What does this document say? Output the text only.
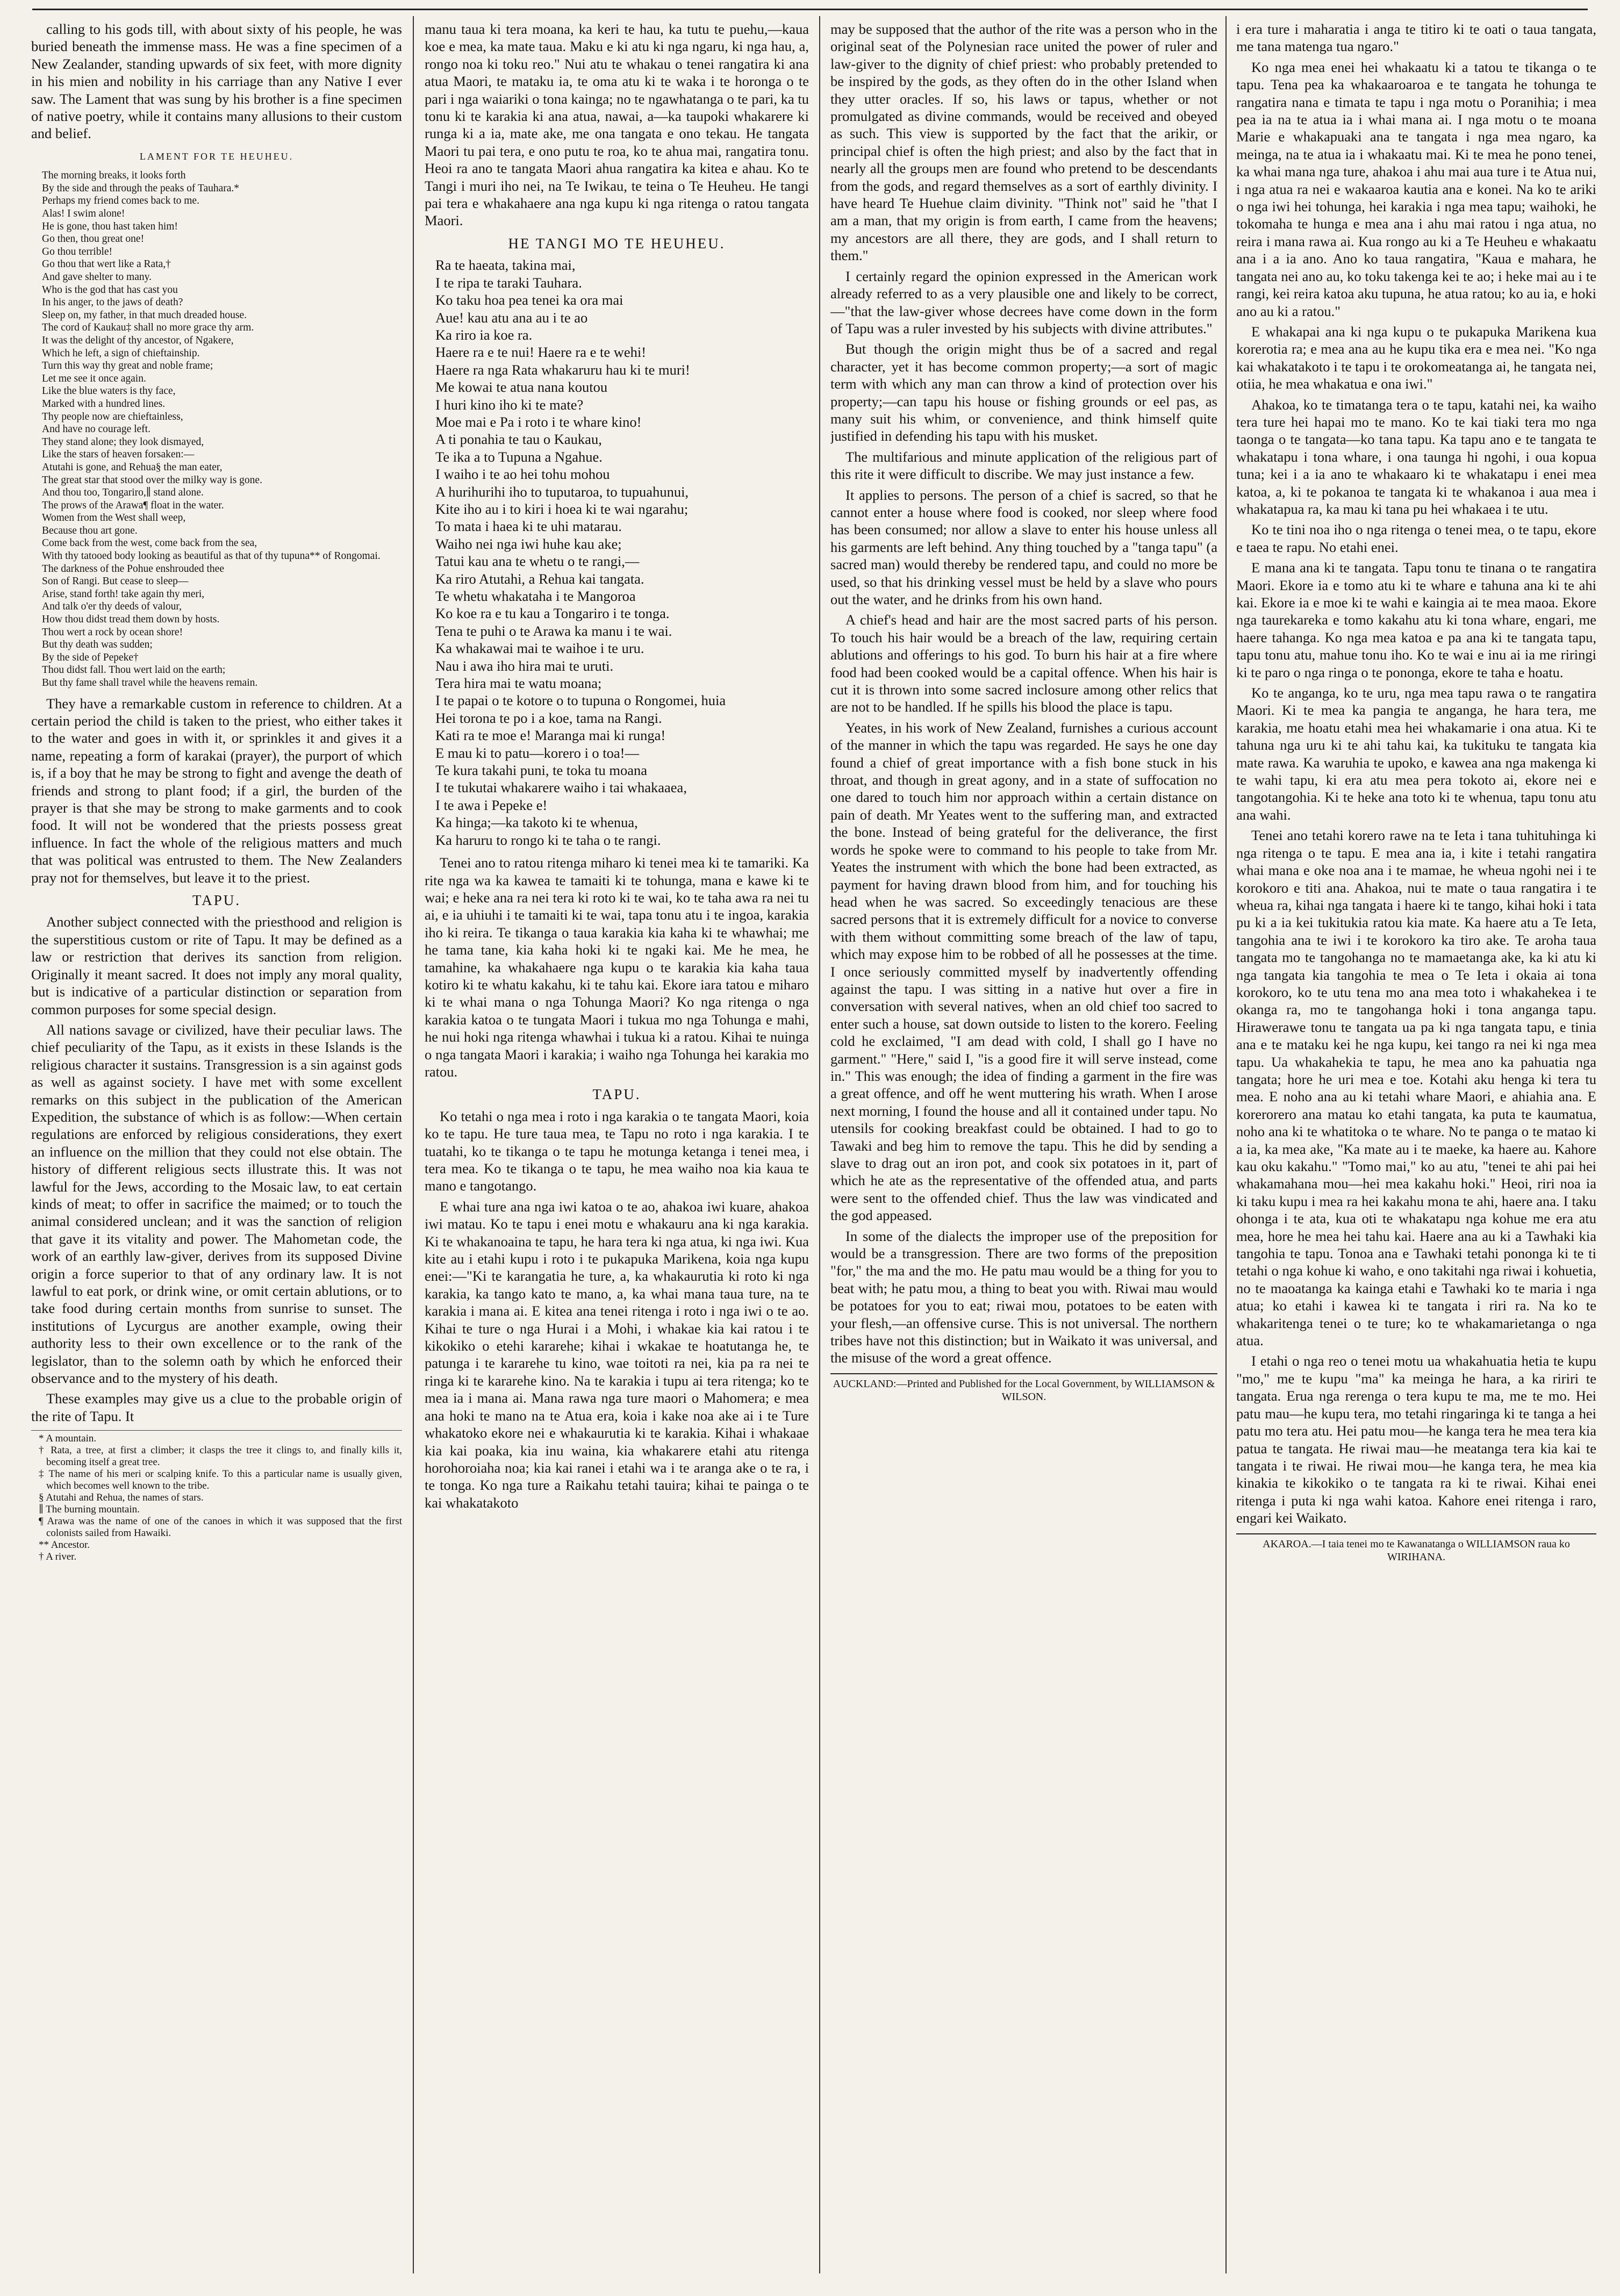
calling to his gods till, with about sixty of his people, he was buried beneath the immense mass. He was a fine specimen of a New Zealander, standing upwards of six feet, with more dignity in his mien and nobility in his carriage than any Native I ever saw. The Lament that was sung by his brother is a fine specimen of native poetry, while it contains many allusions to their custom and belief.

LAMENT FOR TE HEUHEU.
The morning breaks, it looks forth
By the side and through the peaks of Tauhara.*
Perhaps my friend comes back to me.
Alas! I swim alone!
He is gone, thou hast taken him!
Go then, thou great one!
Go thou terrible!
Go thou that wert like a Rata,†
And gave shelter to many.
Who is the god that has cast you
In his anger, to the jaws of death?
Sleep on, my father, in that much dreaded house.
The cord of Kaukau‡ shall no more grace thy arm.
It was the delight of thy ancestor, of Ngakere,
Which he left, a sign of chieftainship.
Turn this way thy great and noble frame;
Let me see it once again.
Like the blue waters is thy face,
Marked with a hundred lines.
Thy people now are chieftainless,
And have no courage left.
They stand alone; they look dismayed,
Like the stars of heaven forsaken:—
Atutahi is gone, and Rehua§ the man eater,
The great star that stood over the milky way is gone.
And thou too, Tongariro,∥ stand alone.
The prows of the Arawa¶ float in the water.
Women from the West shall weep,
Because thou art gone.
Come back from the west, come back from the sea,
With thy tatooed body looking as beautiful as that of thy tupuna** of Rongomai.
The darkness of the Pohue enshrouded thee
Son of Rangi. But cease to sleep—
Arise, stand forth! take again thy meri,
And talk o'er thy deeds of valour,
How thou didst tread them down by hosts.
Thou wert a rock by ocean shore!
But thy death was sudden;
By the side of Pepeke†
Thou didst fall. Thou wert laid on the earth;
But thy fame shall travel while the heavens remain.

They have a remarkable custom in reference to children. At a certain period the child is taken to the priest, who either takes it to the water and goes in with it, or sprinkles it and gives it a name, repeating a form of karakai (prayer), the purport of which is, if a boy that he may be strong to fight and avenge the death of friends and strong to plant food; if a girl, the burden of the prayer is that she may be strong to make garments and to cook food. It will not be wondered that the priests possess great influence. In fact the whole of the religious matters and much that was political was entrusted to them. The New Zealanders pray not for themselves, but leave it to the priest.

TAPU.

Another subject connected with the priesthood and religion is the superstitious custom or rite of Tapu. It may be defined as a law or restriction that derives its sanction from religion. Originally it meant sacred. It does not imply any moral quality, but is indicative of a particular distinction or separation from common purposes for some special design.

All nations savage or civilized, have their peculiar laws. The chief peculiarity of the Tapu, as it exists in these Islands is the religious character it sustains. Transgression is a sin against gods as well as against society. I have met with some excellent remarks on this subject in the publication of the American Expedition, the substance of which is as follow:—When certain regulations are enforced by religious considerations, they exert an influence on the million that they could not else obtain. The history of different religious sects illustrate this. It was not lawful for the Jews, according to the Mosaic law, to eat certain kinds of meat; to offer in sacrifice the maimed; or to touch the animal considered unclean; and it was the sanction of religion that gave it its vitality and power. The Mahometan code, the work of an earthly law-giver, derives from its supposed Divine origin a force superior to that of any ordinary law. It is not lawful to eat pork, or drink wine, or omit certain ablutions, or to take food during certain months from sunrise to sunset. The institutions of Lycurgus are another example, owing their authority less to their own excellence or to the rank of the legislator, than to the solemn oath by which he enforced their observance and to the mystery of his death.

These examples may give us a clue to the probable origin of the rite of Tapu. It

* A mountain.
† Rata, a tree, at first a climber; it clasps the tree it clings to, and finally kills it, becoming itself a great tree.
‡ The name of his meri or scalping knife. To this a particular name is usually given, which becomes well known to the tribe.
§ Atutahi and Rehua, the names of stars.
∥ The burning mountain.
¶ Arawa was the name of one of the canoes in which it was supposed that the first colonists sailed from Hawaiki.
** Ancestor.
† A river.

manu taua ki tera moana, ka keri te hau, ka tutu te puehu,—kaua koe e mea, ka mate taua. Maku e ki atu ki nga ngaru, ki nga hau, a, rongo noa ki toku reo." Nui atu te whakau o tenei rangatira ki ana atua Maori, te mataku ia, te oma atu ki te waka i te horonga o te pari i nga waiariki o tona kainga; no te ngawhatanga o te pari, ka tu tonu ki te karakia ki ana atua, nawai, a—ka taupoki whakarere ki runga ki a ia, mate ake, me ona tangata e ono tekau. He tangata Maori tu pai tera, e ono putu te roa, ko te ahua mai, rangatira tonu. Heoi ra ano te tangata Maori ahua rangatira ka kitea e ahau. Ko te Tangi i muri iho nei, na Te Iwikau, te teina o Te Heuheu. He tangi pai tera e whakahaere ana nga kupu ki nga ritenga o ratou tangata Maori.

HE TANGI MO TE HEUHEU.
Ra te haeata, takina mai,
I te ripa te taraki Tauhara.
Ko taku hoa pea tenei ka ora mai
Aue! kau atu ana au i te ao
Ka riro ia koe ra.
Haere ra e te nui! Haere ra e te wehi!
Haere ra nga Rata whakaruru hau ki te muri!
Me kowai te atua nana koutou
I huri kino iho ki te mate?
Moe mai e Pa i roto i te whare kino!
A ti ponahia te tau o Kaukau,
Te ika a to Tupuna a Ngahue.
I waiho i te ao hei tohu mohou
A hurihurihi iho to tuputaroa, to tupuahunui,
Kite iho au i to kiri i hoea ki te wai ngarahu;
To mata i haea ki te uhi matarau.
Waiho nei nga iwi huhe kau ake;
Tatui kau ana te whetu o te rangi,—
Ka riro Atutahi, a Rehua kai tangata.
Te whetu whakataha i te Mangoroa
Ko koe ra e tu kau a Tongariro i te tonga.
Tena te puhi o te Arawa ka manu i te wai.
Ka whakawai mai te waihoe i te uru.
Nau i awa iho hira mai te uruti.
Tera hira mai te watu moana;
I te papai o te kotore o to tupuna o Rongomei, huia
Hei torona te po i a koe, tama na Rangi.
Kati ra te moe e! Maranga mai ki runga!
E mau ki to patu—korero i o toa!—
Te kura takahi puni, te toka tu moana
I te tukutai whakarere waiho i tai whakaaea,
I te awa i Pepeke e!
Ka hinga;—ka takoto ki te whenua,
Ka haruru to rongo ki te taha o te rangi.

Tenei ano to ratou ritenga miharo ki tenei mea ki te tamariki. Ka rite nga wa ka kawea te tamaiti ki te tohunga, mana e kawe ki te wai; e heke ana ra nei tera ki roto ki te wai, ko te taha awa ra nei tu ai, e ia uhiuhi i te tamaiti ki te wai, tapa tonu atu i te ingoa, karakia iho ki reira. Te tikanga o taua karakia kia kaha ki te whawhai; me he tama tane, kia kaha hoki ki te ngaki kai. Me he mea, he tamahine, ka whakahaere nga kupu o te karakia kia kaha taua kotiro ki te whatu kakahu, ki te tahu kai. Ekore iara tatou e miharo ki te whai mana o nga Tohunga Maori? Ko nga ritenga o nga karakia katoa o te tungata Maori i tukua mo nga Tohunga e mahi, he nui hoki nga ritenga whawhai i tukua ki a ratou. Kihai te nuinga o nga tangata Maori i karakia; i waiho nga Tohunga hei karakia mo ratou.

TAPU.

Ko tetahi o nga mea i roto i nga karakia o te tangata Maori, koia ko te tapu. He ture taua mea, te Tapu no roto i nga karakia. I te tuatahi, ko te tikanga o te tapu he motunga ketanga i tenei mea, i tera mea. Ko te tikanga o te tapu, he mea waiho noa kia kaua te mano e tangotango.

E whai ture ana nga iwi katoa o te ao, ahakoa iwi kuare, ahakoa iwi matau. Ko te tapu i enei motu e whakauru ana ki nga karakia. Ki te whakanoaina te tapu, he hara tera ki nga atua, ki nga iwi. Kua kite au i etahi kupu i roto i te pukapuka Marikena, koia nga kupu enei:—"Ki te karangatia he ture, a, ka whakaurutia ki roto ki nga karakia, ka tango kato te mano, a, ka whai mana taua ture, na te karakia i mana ai. E kitea ana tenei ritenga i roto i nga iwi o te ao. Kihai te ture o nga Hurai i a Mohi, i whakae kia kai ratou i te kikokiko o etehi kararehe; kihai i wkakae te hoatutanga he, te patunga i te kararehe tu kino, wae toitoti ra nei, kia pa ra nei te ringa ki te kararehe kino. Na te karakia i tupu ai tera ritenga; ko te mea ia i mana ai. Mana rawa nga ture maori o Mahomera; e mea ana hoki te mano na te Atua era, koia i kake noa ake ai i te Ture whakatoko ekore nei e whakaurutia ki te karakia. Kihai i whakaae kia kai poaka, kia inu waina, kia whakarere etahi atu ritenga horohoroiaha noa; kia kai ranei i etahi wa i te aranga ake o te ra, i te tonga. Ko nga ture a Raikahu tetahi tauira; kihai te painga o te kai whakatakoto

may be supposed that the author of the rite was a person who in the original seat of the Polynesian race united the power of ruler and law-giver to the dignity of chief priest: who probably pretended to be inspired by the gods, as they often do in the other Island when they utter oracles. If so, his laws or tapus, whether or not promulgated as divine commands, would be received and obeyed as such. This view is supported by the fact that the arikir, or principal chief is often the high priest; and also by the fact that in nearly all the groups men are found who pretend to be descendants from the gods, and regard themselves as a sort of earthly divinity. I have heard Te Huehue claim divinity. "Think not" said he "that I am a man, that my origin is from earth, I came from the heavens; my ancestors are all there, they are gods, and I shall return to them."

I certainly regard the opinion expressed in the American work already referred to as a very plausible one and likely to be correct,—"that the law-giver whose decrees have come down in the form of Tapu was a ruler invested by his subjects with divine attributes."

But though the origin might thus be of a sacred and regal character, yet it has become common property;—a sort of magic term with which any man can throw a kind of protection over his property;—can tapu his house or fishing grounds or eel pas, as many suit his whim, or convenience, and think himself quite justified in defending his tapu with his musket.

The multifarious and minute application of the religious part of this rite it were difficult to discribe. We may just instance a few.

It applies to persons. The person of a chief is sacred, so that he cannot enter a house where food is cooked, nor sleep where food has been consumed; nor allow a slave to enter his house unless all his garments are left behind. Any thing touched by a "tanga tapu" (a sacred man) would thereby be rendered tapu, and could no more be used, so that his drinking vessel must be held by a slave who pours out the water, and he drinks from his own hand.

A chief's head and hair are the most sacred parts of his person. To touch his hair would be a breach of the law, requiring certain ablutions and offerings to his god. To burn his hair at a fire where food had been cooked would be a capital offence. When his hair is cut it is thrown into some sacred inclosure among other relics that are not to be handled. If he spills his blood the place is tapu.

Yeates, in his work of New Zealand, furnishes a curious account of the manner in which the tapu was regarded. He says he one day found a chief of great importance with a fish bone stuck in his throat, and though in great agony, and in a state of suffocation no one dared to touch him nor approach within a certain distance on pain of death. Mr Yeates went to the suffering man, and extracted the bone. Instead of being grateful for the deliverance, the first words he spoke were to command to his people to take from Mr. Yeates the instrument with which the bone had been extracted, as payment for having drawn blood from him, and for touching his head when he was sacred. So exceedingly tenacious are these sacred persons that it is extremely difficult for a novice to converse with them without committing some breach of the law of tapu, which may expose him to be robbed of all he possesses at the time. I once seriously committed myself by inadvertently offending against the tapu. I was sitting in a native hut over a fire in conversation with several natives, when an old chief too sacred to enter such a house, sat down outside to listen to the korero. Feeling cold he exclaimed, "I am dead with cold, I shall go I have no garment." "Here," said I, "is a good fire it will serve instead, come in." This was enough; the idea of finding a garment in the fire was a great offence, and off he went muttering his wrath. When I arose next morning, I found the house and all it contained under tapu. No utensils for cooking breakfast could be obtained. I had to go to Tawaki and beg him to remove the tapu. This he did by sending a slave to drag out an iron pot, and cook six potatoes in it, part of which he ate as the representative of the offended atua, and parts were sent to the offended chief. Thus the law was vindicated and the god appeased.

In some of the dialects the improper use of the preposition for would be a transgression. There are two forms of the preposition "for," the ma and the mo. He patu mau would be a thing for you to beat with; he patu mou, a thing to beat you with. Riwai mau would be potatoes for you to eat; riwai mou, potatoes to be eaten with your flesh,—an offensive curse. This is not universal. The northern tribes have not this distinction; but in Waikato it was universal, and the misuse of the word a great offence.

AUCKLAND:—Printed and Published for the Local Government, by WILLIAMSON & WILSON.

i era ture i maharatia i anga te titiro ki te oati o taua tangata, me tana matenga tua ngaro."

Ko nga mea enei hei whakaatu ki a tatou te tikanga o te tapu. Tena pea ka whakaaroaroa e te tangata he tohunga te rangatira nana e timata te tapu i nga motu o Poranihia; i mea pea ia na te atua ia i whai mana ai. I nga motu o te moana Marie e whakapuaki ana te tangata i nga mea ngaro, ka meinga, na te atua ia i whakaatu mai. Ki te mea he pono tenei, ka whai mana nga ture, ahakoa i ahu mai aua ture i te Atua nui, i nga atua ra nei e wakaaroa kautia ana e konei. Na ko te ariki o nga iwi hei tohunga, hei karakia i nga mea tapu; waihoki, he tokomaha te hunga e mea ana i ahu mai ratou i nga atua, no reira i mana rawa ai. Kua rongo au ki a Te Heuheu e whakaatu ana i a ia ano. Ano ko taua rangatira, "Kaua e mahara, he tangata nei ano au, ko toku takenga kei te ao; i heke mai au i te rangi, kei reira katoa aku tupuna, he atua ratou; ko au ia, e hoki ano au ki a ratou."

E whakapai ana ki nga kupu o te pukapuka Marikena kua korerotia ra; e mea ana au he kupu tika era e mea nei. "Ko nga kai whakatakoto i te tapu i te orokomeatanga ai, he tangata nei, otiia, he mea whakatua e ona iwi."

Ahakoa, ko te timatanga tera o te tapu, katahi nei, ka waiho tera ture hei hapai mo te mano. Ko te kai tiaki tera mo nga taonga o te tangata—ko tana tapu. Ka tapu ano e te tangata te whakatapu i tona whare, i ona taunga hi ngohi, i oua kopua tuna; kei i a ia ano te whakaaro ki te whakatapu i enei mea katoa, a, ki te pokanoa te tangata ki te whakanoa i aua mea i whakatapua ra, ka mau ki tana pu hei whakaea i te utu.

Ko te tini noa iho o nga ritenga o tenei mea, o te tapu, ekore e taea te rapu. No etahi enei.

E mana ana ki te tangata. Tapu tonu te tinana o te rangatira Maori. Ekore ia e tomo atu ki te whare e tahuna ana ki te ahi kai. Ekore ia e moe ki te wahi e kaingia ai te mea maoa. Ekore nga taurekareka e tomo kakahu atu ki tona whare, engari, me haere tahanga. Ko nga mea katoa e pa ana ki te tangata tapu, tapu tonu atu, mahue tonu iho. Ko te wai e inu ai ia me riringi ki te paro o nga ringa o te pononga, ekore te taha e hoatu.

Ko te anganga, ko te uru, nga mea tapu rawa o te rangatira Maori. Ki te mea ka pangia te anganga, he hara tera, me karakia, me hoatu etahi mea hei whakamarie i ona atua. Ki te tahuna nga uru ki te ahi tahu kai, ka tukituku te tangata kia mate rawa. Ka waruhia te upoko, e kawea ana nga makenga ki te wahi tapu, ki era atu mea pera tokoto ai, ekore nei e tangotangohia. Ki te heke ana toto ki te whenua, tapu tonu atu ana wahi.

Tenei ano tetahi korero rawe na te Ieta i tana tuhituhinga ki nga ritenga o te tapu. E mea ana ia, i kite i tetahi rangatira whai mana e oke noa ana i te mamae, he wheua ngohi nei i te korokoro e titi ana. Ahakoa, nui te mate o taua rangatira i te wheua ra, kihai nga tangata i haere ki te tango, kihai hoki i tata pu ki a ia kei tukitukia ratou kia mate. Ka haere atu a Te Ieta, tangohia ana te iwi i te korokoro ka tiro ake. Te aroha taua tangata mo te tangohanga no te mamaetanga ake, ka ki atu ki nga tangata kia tangohia te mea o Te Ieta i okaia ai tona korokoro, ko te utu tena mo ana mea toto i whakahekea i te okanga ra, mo te tangohanga hoki i tona anganga tapu. Hirawerawe tonu te tangata ua pa ki nga tangata tapu, e tinia ana e te mataku kei he nga kupu, kei tango ra nei ki nga mea tapu. Ua whakahekia te tapu, he mea ano ka pahuatia nga tangata; hore he uri mea e toe. Kotahi aku henga ki tera tu mea. E noho ana au ki tetahi whare Maori, e ahiahia ana. E korerorero ana matau ko etahi tangata, ka puta te kaumatua, noho ana ki te whatitoka o te whare. No te panga o te matao ki a ia, ka mea ake, "Ka mate au i te maeke, ka haere au. Kahore kau oku kakahu." "Tomo mai," ko au atu, "tenei te ahi pai hei whakamahana mou—hei mea kakahu hoki." Heoi, riri noa ia ki taku kupu i mea ra hei kakahu mona te ahi, haere ana. I taku ohonga i te ata, kua oti te whakatapu nga kohue me era atu mea, hore he mea hei tahu kai. Haere ana au ki a Tawhaki kia tangohia te tapu. Tonoa ana e Tawhaki tetahi pononga ki te ti tetahi o nga kohue ki waho, e ono takitahi nga riwai i kohuetia, no te maoatanga ka kainga etahi e Tawhaki ko te maria i nga atua; ko etahi i kawea ki te tangata i riri ra. Na ko te whakaritenga tenei o te ture; ko te whakamarietanga o nga atua.

I etahi o nga reo o tenei motu ua whakahuatia hetia te kupu "mo," me te kupu "ma" ka meinga he hara, a ka ririri te tangata. Erua nga rerenga o tera kupu te ma, me te mo. Hei patu mau—he kupu tera, mo tetahi ringaringa ki te tanga a hei patu mo tera atu. Hei patu mou—he kanga tera he mea tera kia patua te tangata. He riwai mau—he meatanga tera kia kai te tangata i te riwai. He riwai mou—he kanga tera, he mea kia kinakia te kikokiko o te tangata ra ki te riwai. Kihai enei ritenga i puta ki nga wahi katoa. Kahore enei ritenga i raro, engari kei Waikato.

AKAROA.—I taia tenei mo te Kawanatanga o WILLIAMSON raua ko WIRIHANA.
